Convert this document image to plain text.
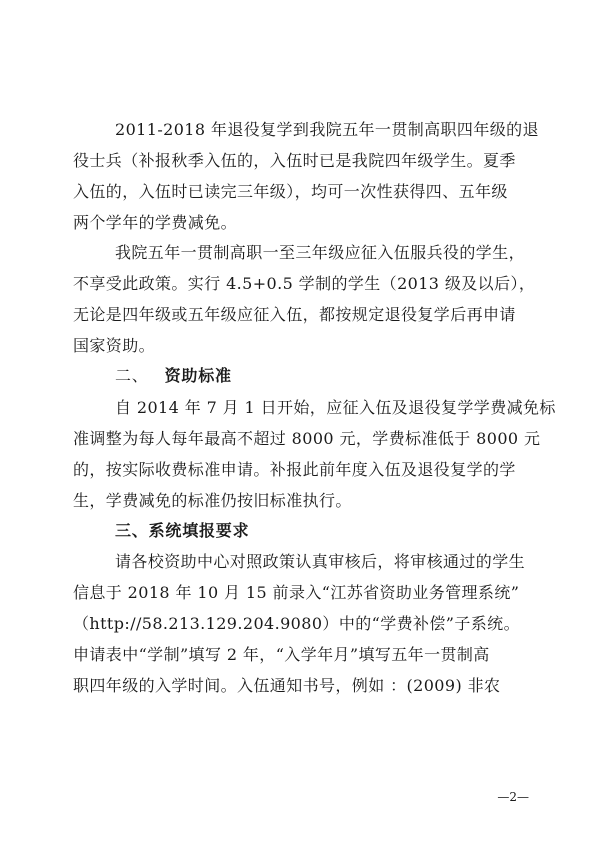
2011-2018 年退役复学到我院五年一贯制高职四年级的退
役士兵（补报秋季入伍的，入伍时已是我院四年级学生。夏季
入伍的，入伍时已读完三年级），均可一次性获得四、五年级
两个学年的学费减免。
我院五年一贯制高职一至三年级应征入伍服兵役的学生，
不享受此政策。实行 4.5+0.5 学制的学生（2013 级及以后），
无论是四年级或五年级应征入伍，都按规定退役复学后再申请
国家资助。
二、 资助标准
自 2014 年 7 月 1 日开始，应征入伍及退役复学学费减免标
准调整为每人每年最高不超过 8000 元，学费标准低于 8000 元
的，按实际收费标准申请。补报此前年度入伍及退役复学的学
生，学费减免的标准仍按旧标准执行。
三、系统填报要求
请各校资助中心对照政策认真审核后，将审核通过的学生
信息于 2018 年 10 月 15 前录入“江苏省资助业务管理系统”
（http://58.213.129.204.9080）中的“学费补偿”子系统。
申请表中“学制”填写 2 年，“入学年月”填写五年一贯制高
职四年级的入学时间。入伍通知书号，例如 ：(2009) 非农
—2—
